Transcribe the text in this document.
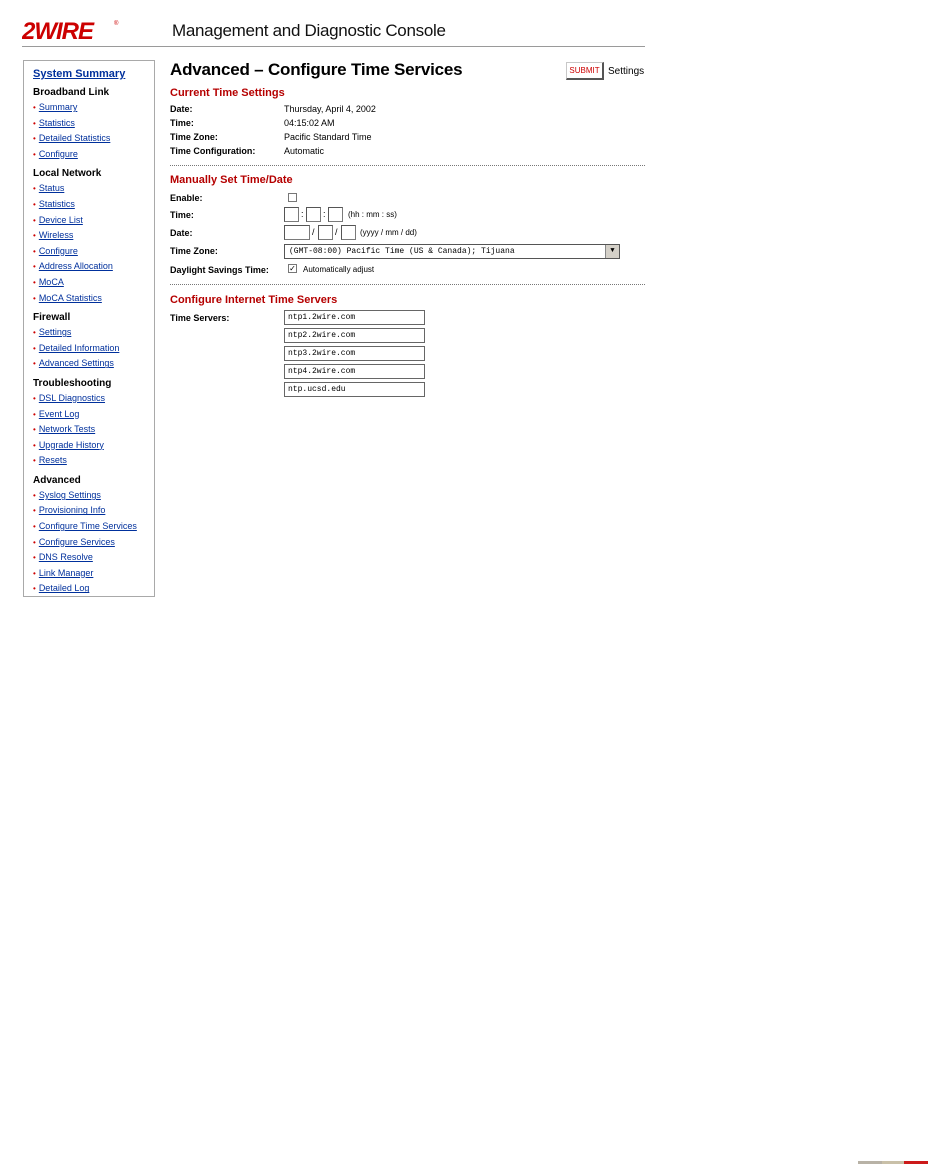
2WIRE	®	Management and Diagnostic Console
System Summary
Broadband Link
• Summary
• Statistics
• Detailed Statistics
• Configure
Local Network
• Status
• Statistics
• Device List
• Wireless
• Configure
• Address Allocation
• MoCA
• MoCA Statistics
Firewall
• Settings
• Detailed Information
• Advanced Settings
Troubleshooting
• DSL Diagnostics
• Event Log
• Network Tests
• Upgrade History
• Resets
Advanced
• Syslog Settings
• Provisioning Info
• Configure Time Services
• Configure Services
• DNS Resolve
• Link Manager
• Detailed Log
Advanced – Configure Time Services	SUBMIT Settings
Current Time Settings
Date:	Thursday, April 4, 2002
Time:	04:15:02 AM
Time Zone:	Pacific Standard Time
Time Configuration:	Automatic
Manually Set Time/Date
Enable:
Time:	: :	(hh : mm : ss)
Date:	/ /	(yyyy / mm / dd)
Time Zone:	(GMT-08:00) Pacific Time (US & Canada); Tijuana	▼
Daylight Savings Time:	✓ Automatically adjust
Configure Internet Time Servers
Time Servers:	ntp1.2wire.com
ntp2.2wire.com
ntp3.2wire.com
ntp4.2wire.com
ntp.ucsd.edu
